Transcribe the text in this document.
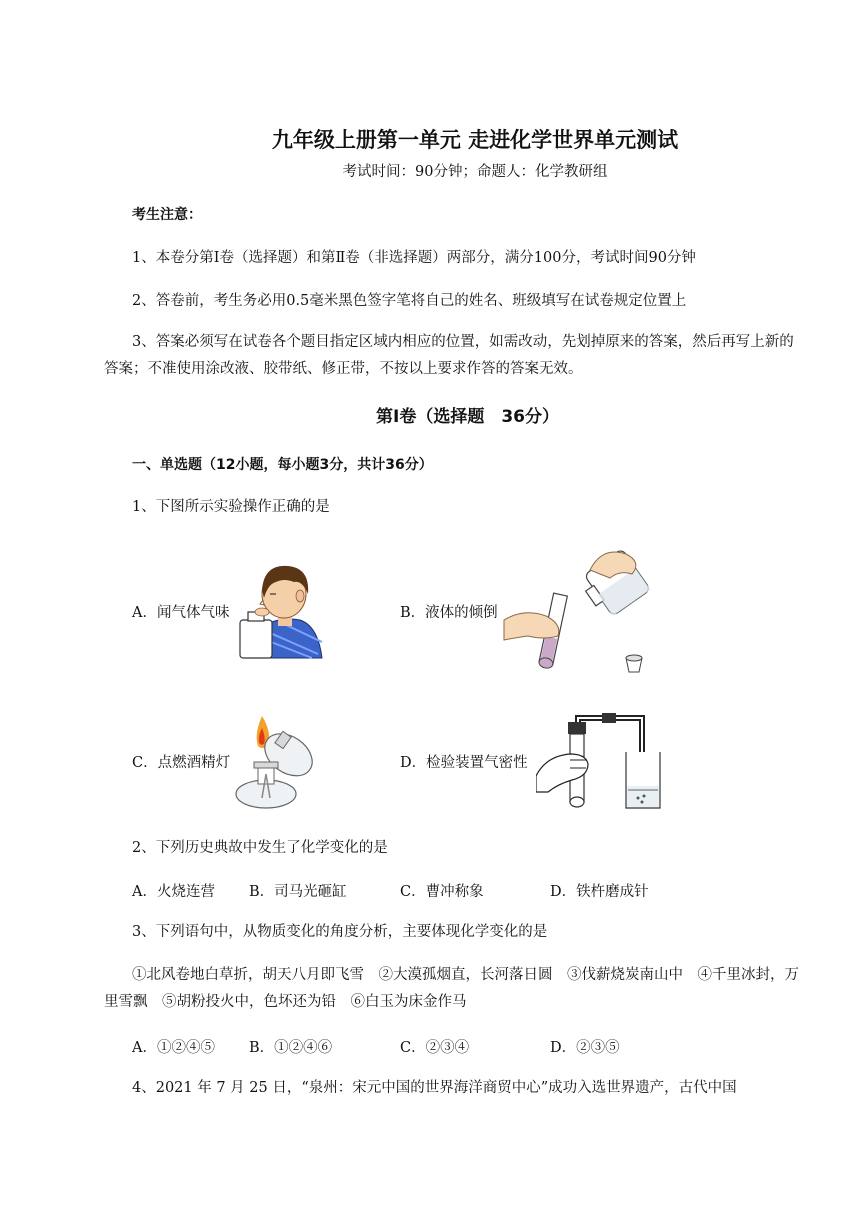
九年级上册第一单元 走进化学世界单元测试
考试时间：90分钟；命题人：化学教研组
考生注意：
1、本卷分第Ⅰ卷（选择题）和第Ⅱ卷（非选择题）两部分，满分100分，考试时间90分钟
2、答卷前，考生务必用0.5毫米黑色签字笔将自己的姓名、班级填写在试卷规定位置上
3、答案必须写在试卷各个题目指定区域内相应的位置，如需改动，先划掉原来的答案，然后再写上新的答案；不准使用涂改液、胶带纸、修正带，不按以上要求作答的答案无效。
第Ⅰ卷（选择题　36分）
一、单选题（12小题，每小题3分，共计36分）
1、下图所示实验操作正确的是
A．闻气体气味	B．液体的倾倒
C．点燃酒精灯	D．检验装置气密性
2、下列历史典故中发生了化学变化的是
A．火烧连营 B．司马光砸缸	C．曹冲称象	D．铁杵磨成针
3、下列语句中，从物质变化的角度分析，主要体现化学变化的是
①北风卷地白草折，胡天八月即飞雪　②大漠孤烟直，长河落日圆　③伐薪烧炭南山中　④千里冰封，万里雪飘　⑤胡粉投火中，色坏还为铅　⑥白玉为床金作马
A．①②④⑤ B．①②④⑥	C．②③④	D．②③⑤
4、2021 年 7 月 25 日，“泉州：宋元中国的世界海洋商贸中心”成功入选世界遗产，古代中国
